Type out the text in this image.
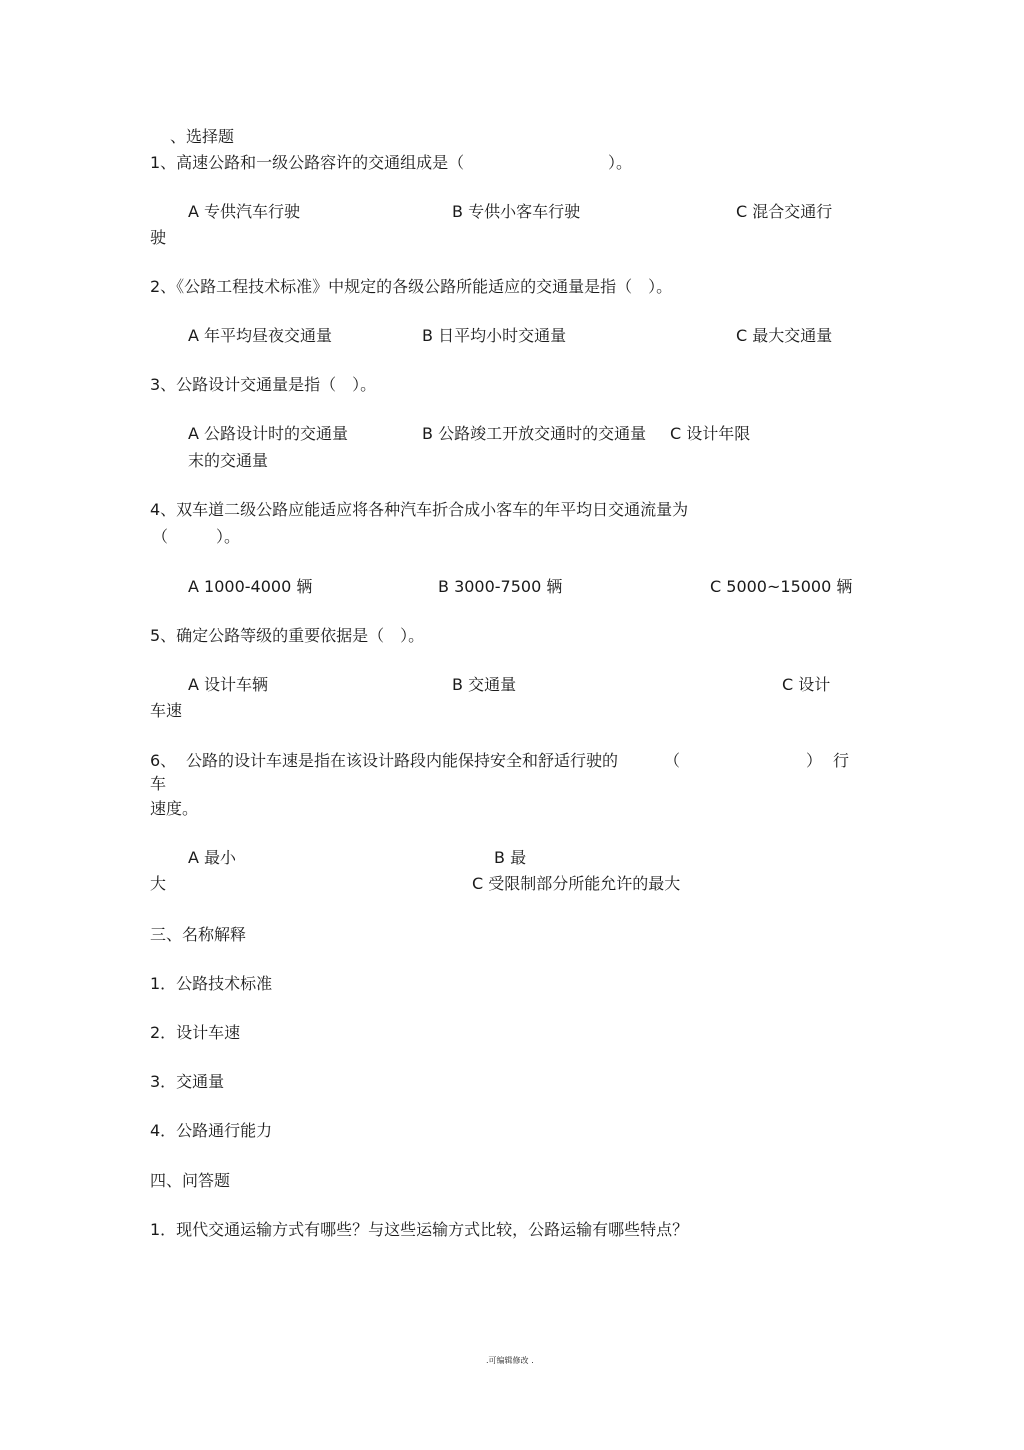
、选择题
1、高速公路和一级公路容许的交通组成是（	）。
A 专供汽车行驶	B 专供小客车行驶	C 混合交通行
驶
2、《公路工程技术标准》中规定的各级公路所能适应的交通量是指（　）。
A 年平均昼夜交通量	B 日平均小时交通量	C 最大交通量
3、公路设计交通量是指（　）。
A 公路设计时的交通量	B 公路竣工开放交通时的交通量 C 设计年限
末的交通量
4、双车道二级公路应能适应将各种汽车折合成小客车的年平均日交通流量为
（　　　）。
A 1000-4000 辆	B 3000-7500 辆	C 5000~15000 辆
5、确定公路等级的重要依据是（　）。
A 设计车辆	B 交通量	C 设计
车速
6、 公路的设计车速是指在该设计路段内能保持安全和舒适行驶的	（	） 行
车
速度。
A 最小	B 最
大	C 受限制部分所能允许的最大
三、名称解释
1．公路技术标准
2．设计车速
3．交通量
4．公路通行能力
四、问答题
1．现代交通运输方式有哪些？与这些运输方式比较，公路运输有哪些特点？
.可编辑修改 .
